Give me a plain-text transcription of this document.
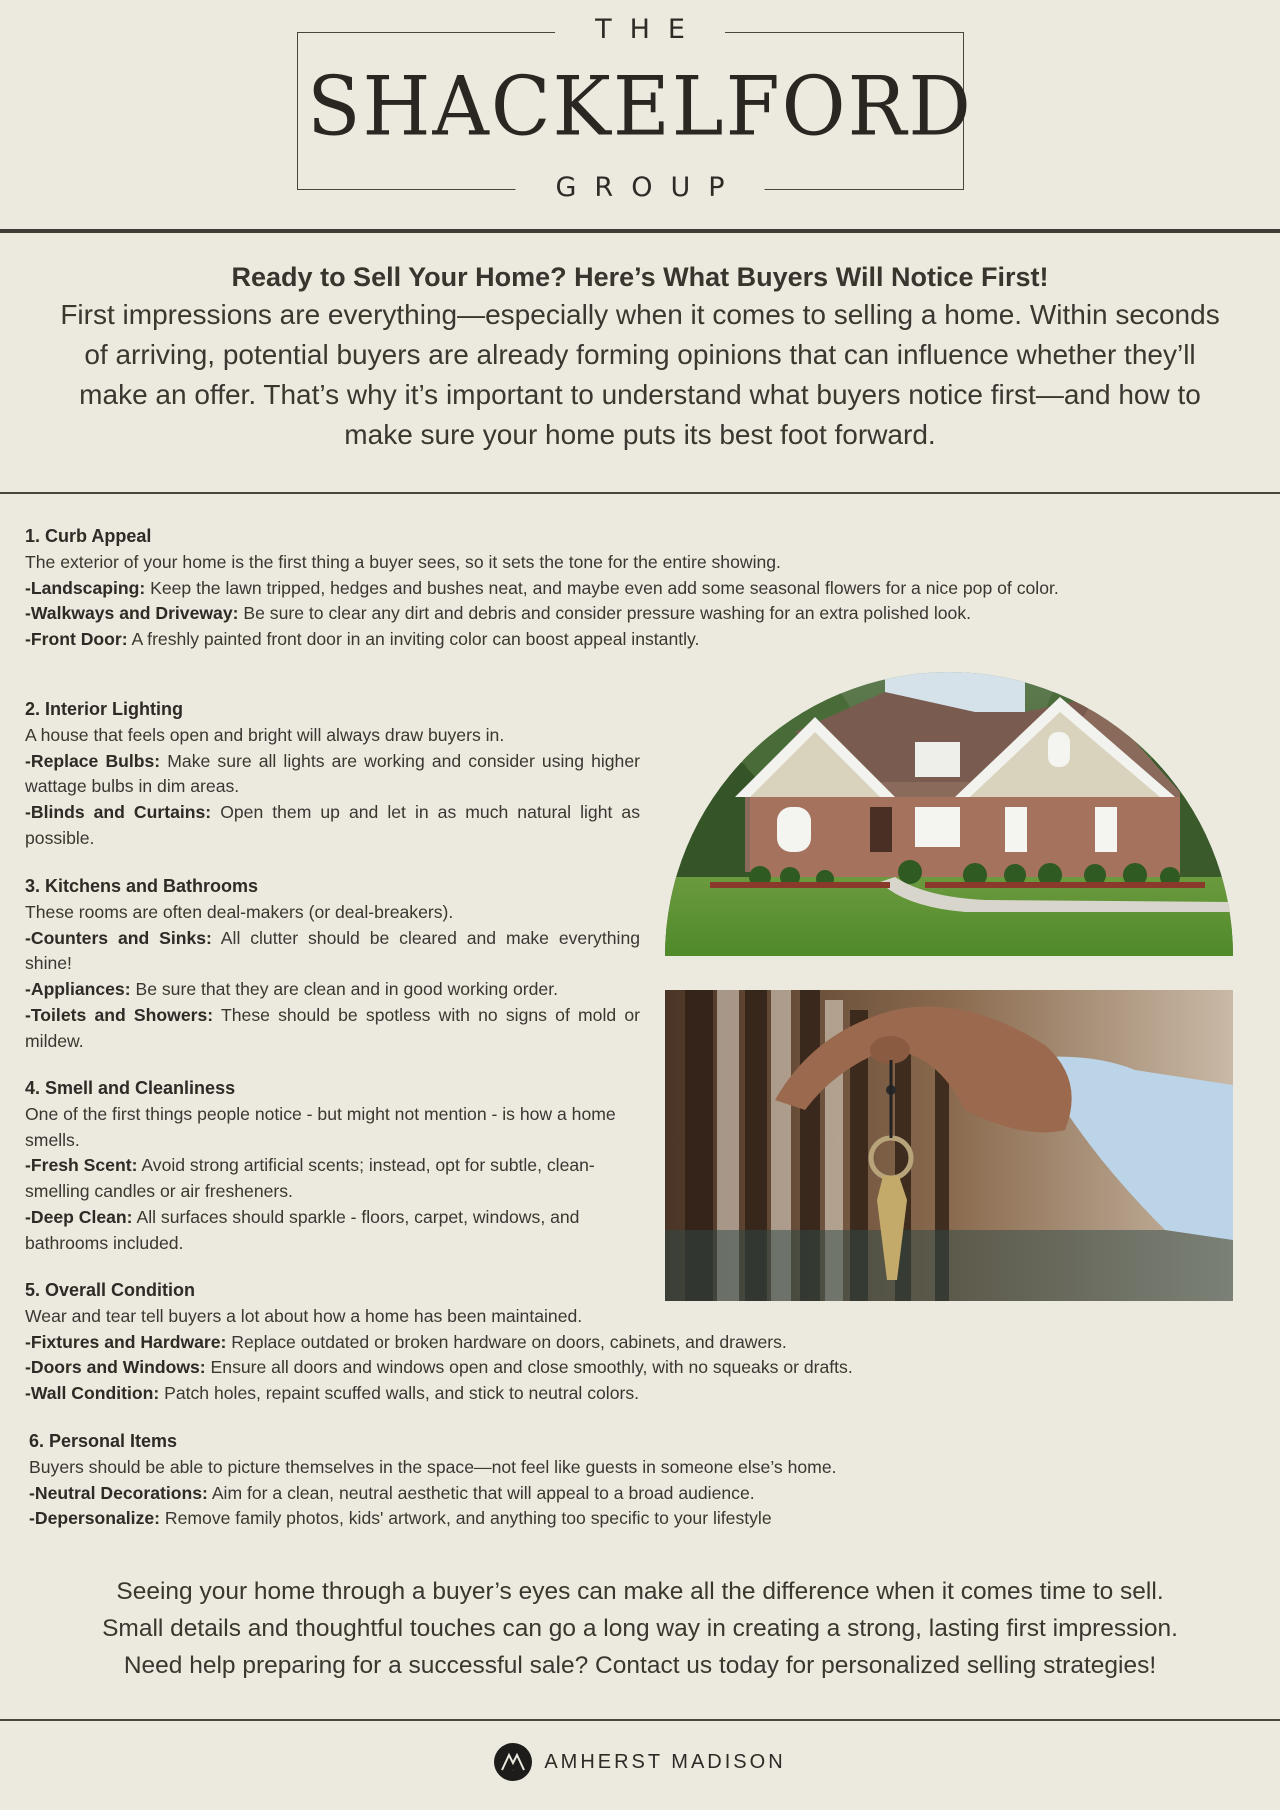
THE
SHACKELFORD
GROUP

Ready to Sell Your Home? Here’s What Buyers Will Notice First!

First impressions are everything—especially when it comes to selling a home. Within seconds of arriving, potential buyers are already forming opinions that can influence whether they’ll make an offer. That’s why it’s important to understand what buyers notice first—and how to make sure your home puts its best foot forward.

1. Curb Appeal

The exterior of your home is the first thing a buyer sees, so it sets the tone for the entire showing.

-Landscaping: Keep the lawn tripped, hedges and bushes neat, and maybe even add some seasonal flowers for a nice pop of color.

-Walkways and Driveway: Be sure to clear any dirt and debris and consider pressure washing for an extra polished look.

-Front Door: A freshly painted front door in an inviting color can boost appeal instantly.

2. Interior Lighting

A house that feels open and bright will always draw buyers in.

-Replace Bulbs: Make sure all lights are working and consider using higher wattage bulbs in dim areas.

-Blinds and Curtains: Open them up and let in as much natural light as possible.

3. Kitchens and Bathrooms

These rooms are often deal-makers (or deal-breakers).

-Counters and Sinks: All clutter should be cleared and make everything shine!

-Appliances: Be sure that they are clean and in good working order.

-Toilets and Showers: These should be spotless with no signs of mold or mildew.

4. Smell and Cleanliness

One of the first things people notice - but might not mention - is how a home smells.

-Fresh Scent: Avoid strong artificial scents; instead, opt for subtle, clean-smelling candles or air fresheners.

-Deep Clean: All surfaces should sparkle - floors, carpet, windows, and bathrooms included.

5. Overall Condition

Wear and tear tell buyers a lot about how a home has been maintained.

-Fixtures and Hardware: Replace outdated or broken hardware on doors, cabinets, and drawers.

-Doors and Windows: Ensure all doors and windows open and close smoothly, with no squeaks or drafts.

-Wall Condition: Patch holes, repaint scuffed walls, and stick to neutral colors.

6. Personal Items

Buyers should be able to picture themselves in the space—not feel like guests in someone else’s home.

-Neutral Decorations: Aim for a clean, neutral aesthetic that will appeal to a broad audience.

-Depersonalize: Remove family photos, kids' artwork, and anything too specific to your lifestyle

Seeing your home through a buyer’s eyes can make all the difference when it comes time to sell.
Small details and thoughtful touches can go a long way in creating a strong, lasting first impression.
Need help preparing for a successful sale? Contact us today for personalized selling strategies!
M AMHERST MADISON
